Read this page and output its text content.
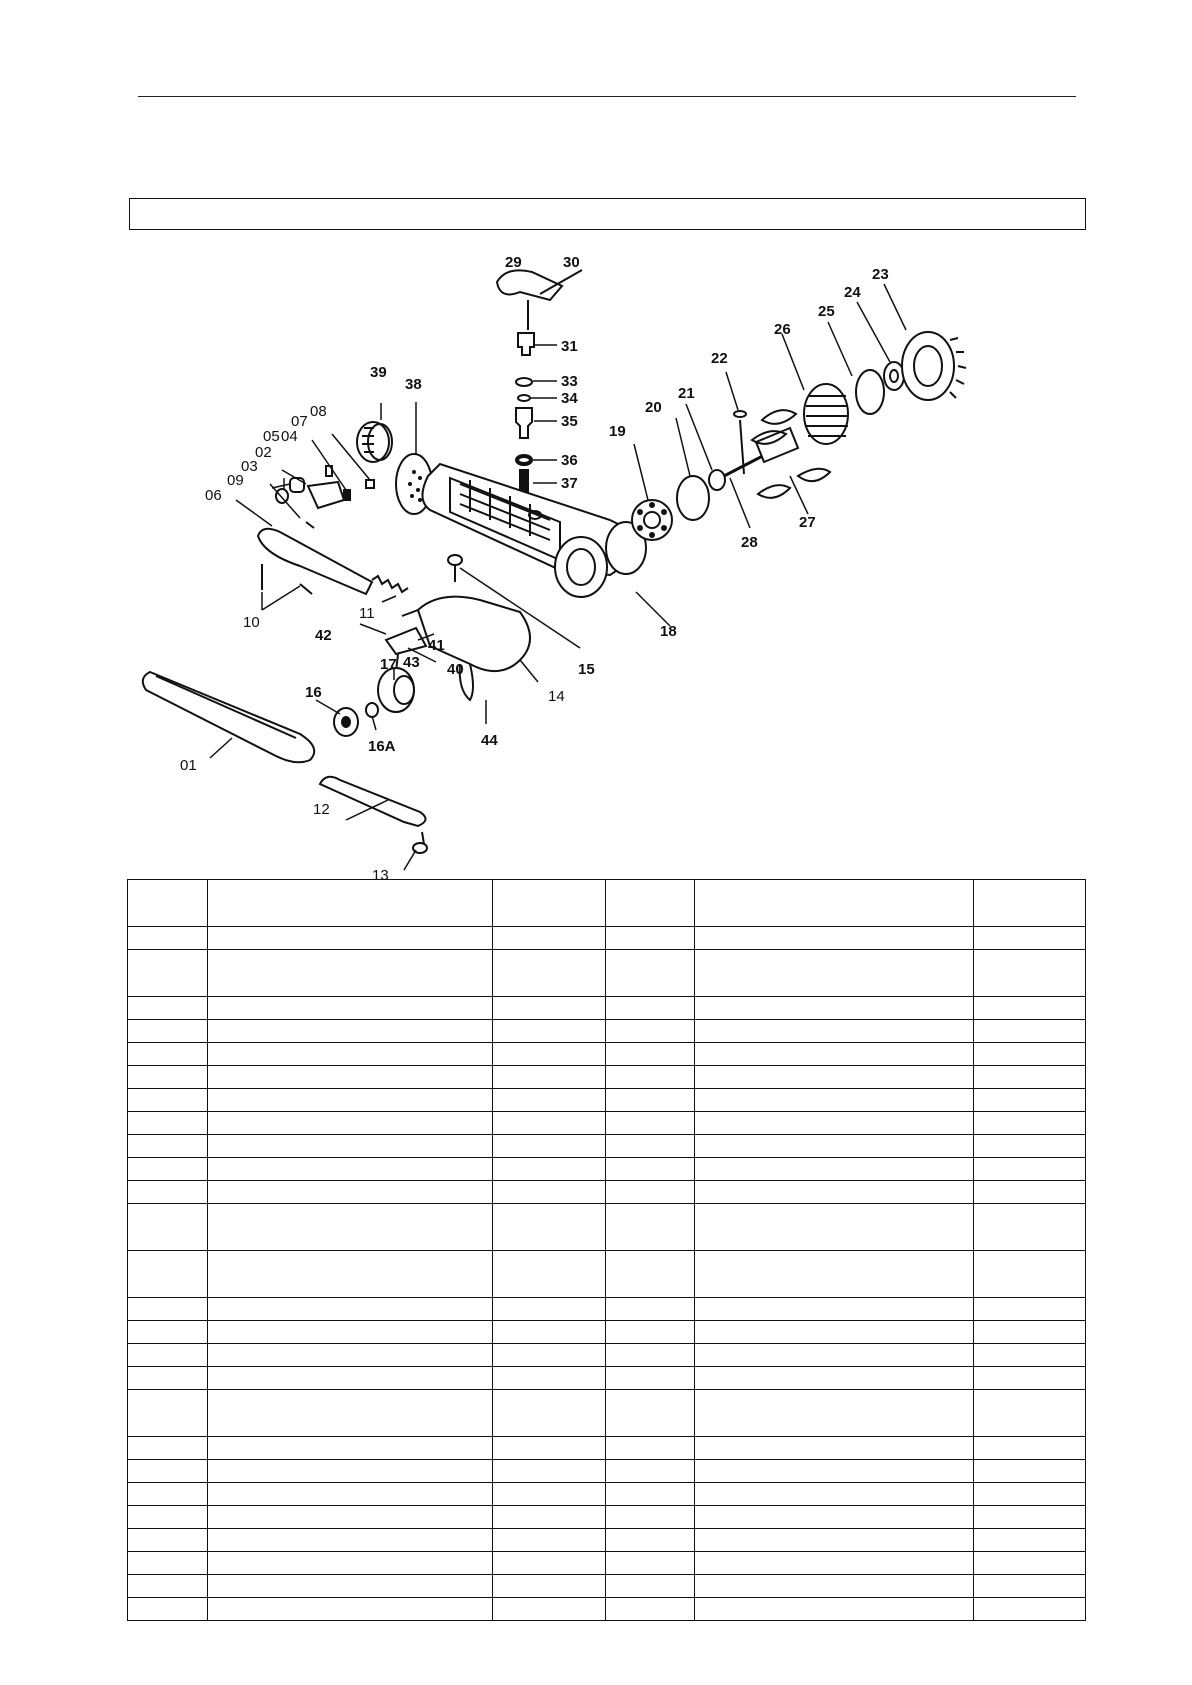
29	30
31
33
34
35
36
37
39
38
08
07
04
05
02
03
09
06
10
11
42
41
40
43	15
14
44
17
16
16A
01
12
13
18
19
20
21
22
26
25
24
23
27
28
